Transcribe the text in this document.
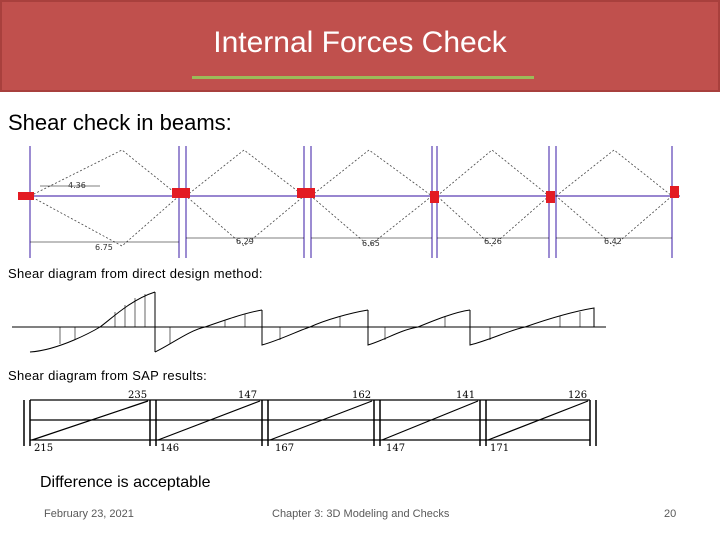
Internal Forces Check
Shear check in beams:
4.36
6.75
6.29	6.65	6.26	6.42
Shear diagram from direct design method:
Shear diagram from SAP results:
235	147	162	141	126
215	146	167	147	171
Difference is acceptable
February 23, 2021	Chapter 3: 3D Modeling and Checks	20
